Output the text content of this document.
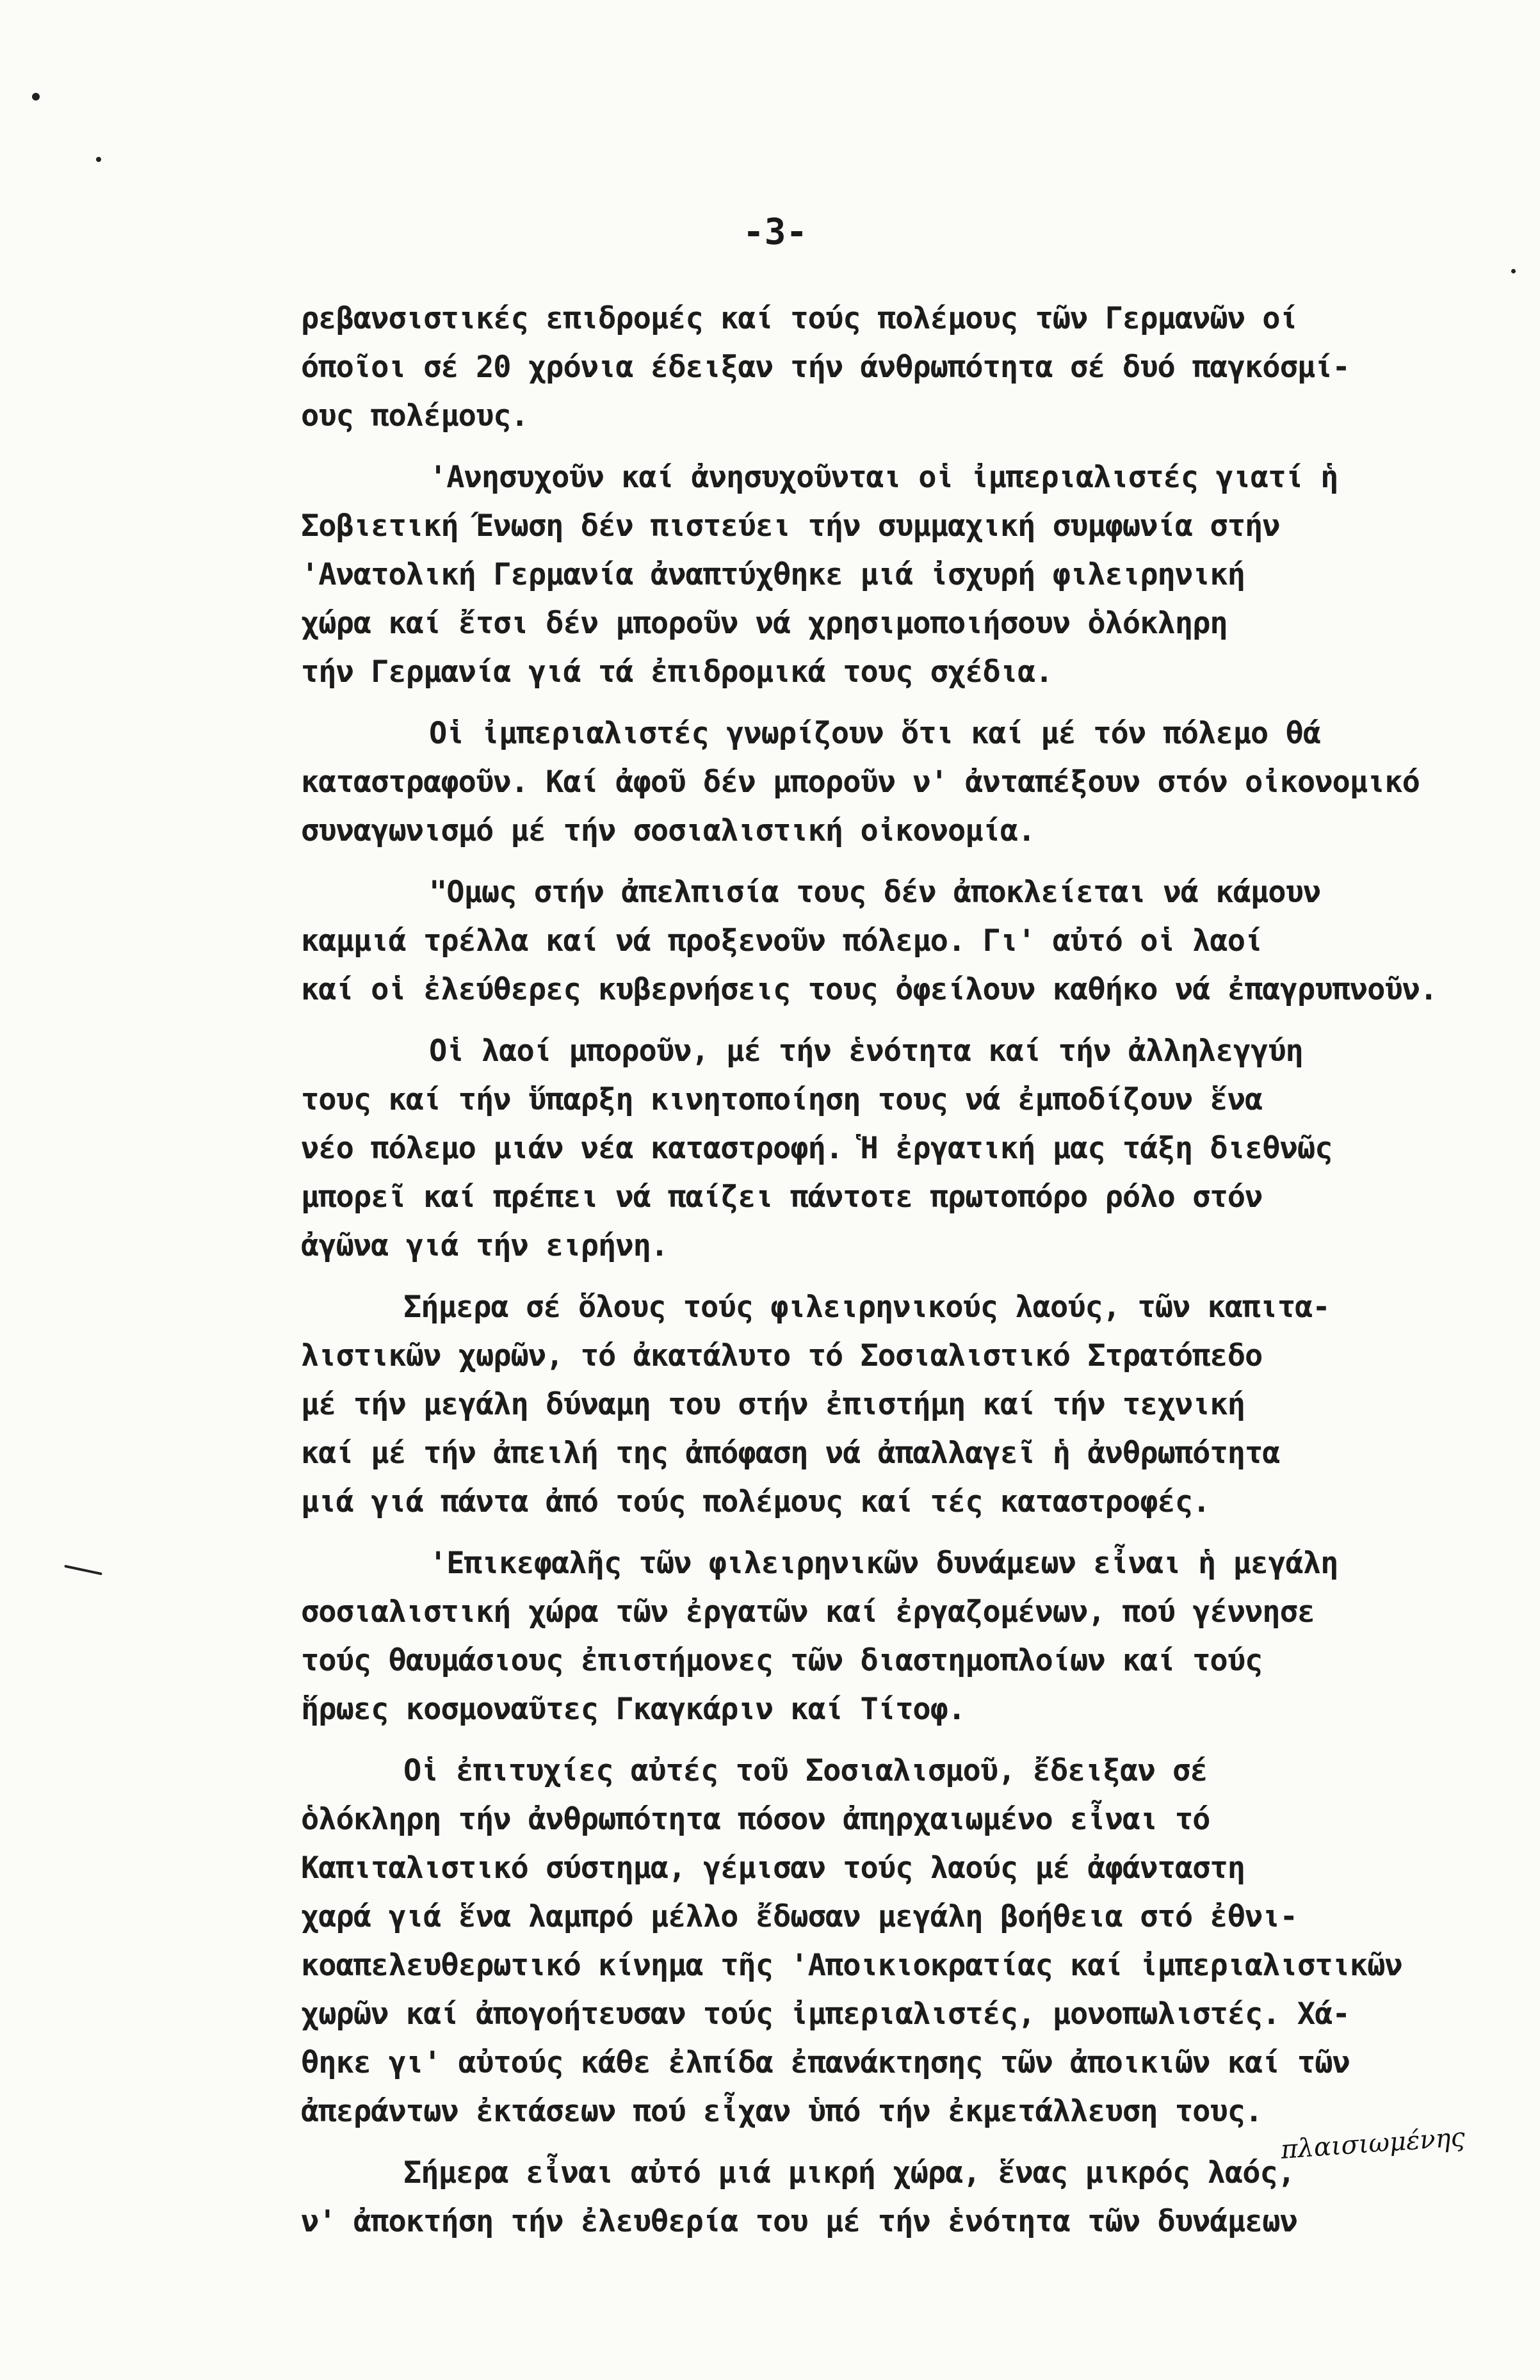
-3-
ρεβανσιστικές επιδρομές καί τούς πολέμους τῶν Γερμανῶν οί
όποῖοι σέ 20 χρόνια έδειξαν τήν άνθρωπότητα σέ δυό παγκόσμί-
ους πολέμους.
'Ανησυχοῦν καί ἀνησυχοῦνται οἱ ἰμπεριαλιστές γιατί ἡ
Σοβιετική Ένωση δέν πιστεύει τήν συμμαχική συμφωνία στήν
'Ανατολική Γερμανία ἀναπτύχθηκε μιά ἰσχυρή φιλειρηνική
χώρα καί ἔτσι δέν μποροῦν νά χρησιμοποιήσουν ὁλόκληρη
τήν Γερμανία γιά τά ἐπιδρομικά τους σχέδια.
Οἱ ἰμπεριαλιστές γνωρίζουν ὅτι καί μέ τόν πόλεμο θά
καταστραφοῦν. Καί ἀφοῦ δέν μποροῦν ν' ἀνταπέξουν στόν οἰκονομικό
συναγωνισμό μέ τήν σοσιαλιστική οἰκονομία.
"Ομως στήν ἀπελπισία τους δέν ἀποκλείεται νά κάμουν
καμμιά τρέλλα καί νά προξενοῦν πόλεμο. Γι' αὐτό οἱ λαοί
καί οἱ ἐλεύθερες κυβερνήσεις τους ὀφείλουν καθήκο νά ἐπαγρυπνοῦν.
Οἱ λαοί μποροῦν, μέ τήν ἑνότητα καί τήν ἀλληλεγγύη
τους καί τήν ὕπαρξη κινητοποίηση τους νά ἐμποδίζουν ἕνα
νέο πόλεμο μιάν νέα καταστροφή. Ἡ ἐργατική μας τάξη διεθνῶς
μπορεῖ καί πρέπει νά παίζει πάντοτε πρωτοπόρο ρόλο στόν
ἀγῶνα γιά τήν ειρήνη.
Σήμερα σέ ὅλους τούς φιλειρηνικούς λαούς, τῶν καπιτα-
λιστικῶν χωρῶν, τό ἀκατάλυτο τό Σοσιαλιστικό Στρατόπεδο
μέ τήν μεγάλη δύναμη του στήν ἐπιστήμη καί τήν τεχνική
καί μέ τήν ἀπειλή της ἀπόφαση νά ἀπαλλαγεῖ ἡ ἀνθρωπότητα
μιά γιά πάντα ἀπό τούς πολέμους καί τές καταστροφές.
'Επικεφαλῆς τῶν φιλειρηνικῶν δυνάμεων εἶναι ἡ μεγάλη
σοσιαλιστική χώρα τῶν ἐργατῶν καί ἐργαζομένων, πού γέννησε
τούς θαυμάσιους ἐπιστήμονες τῶν διαστημοπλοίων καί τούς
ἥρωες κοσμοναῦτες Γκαγκάριν καί Τίτοφ.
Οἱ ἐπιτυχίες αὐτές τοῦ Σοσιαλισμοῦ, ἔδειξαν σέ
ὁλόκληρη τήν ἀνθρωπότητα πόσον ἀπηρχαιωμένο εἶναι τό
Καπιταλιστικό σύστημα, γέμισαν τούς λαούς μέ ἀφάνταστη
χαρά γιά ἕνα λαμπρό μέλλο ἔδωσαν μεγάλη βοήθεια στό ἐθνι-
κοαπελευθερωτικό κίνημα τῆς 'Αποικιοκρατίας καί ἰμπεριαλιστικῶν
χωρῶν καί ἀπογοήτευσαν τούς ἰμπεριαλιστές, μονοπωλιστές. Χά-
θηκε γι' αὐτούς κάθε ἐλπίδα ἐπανάκτησης τῶν ἀποικιῶν καί τῶν
ἀπεράντων ἐκτάσεων πού εἶχαν ὑπό τήν ἐκμετάλλευση τους.
Σήμερα εἶναι αὐτό μιά μικρή χώρα, ἕνας μικρός λαός,
ν' ἀποκτήση τήν ἐλευθερία του μέ τήν ἑνότητα τῶν δυνάμεων
πλαισιωμένης
